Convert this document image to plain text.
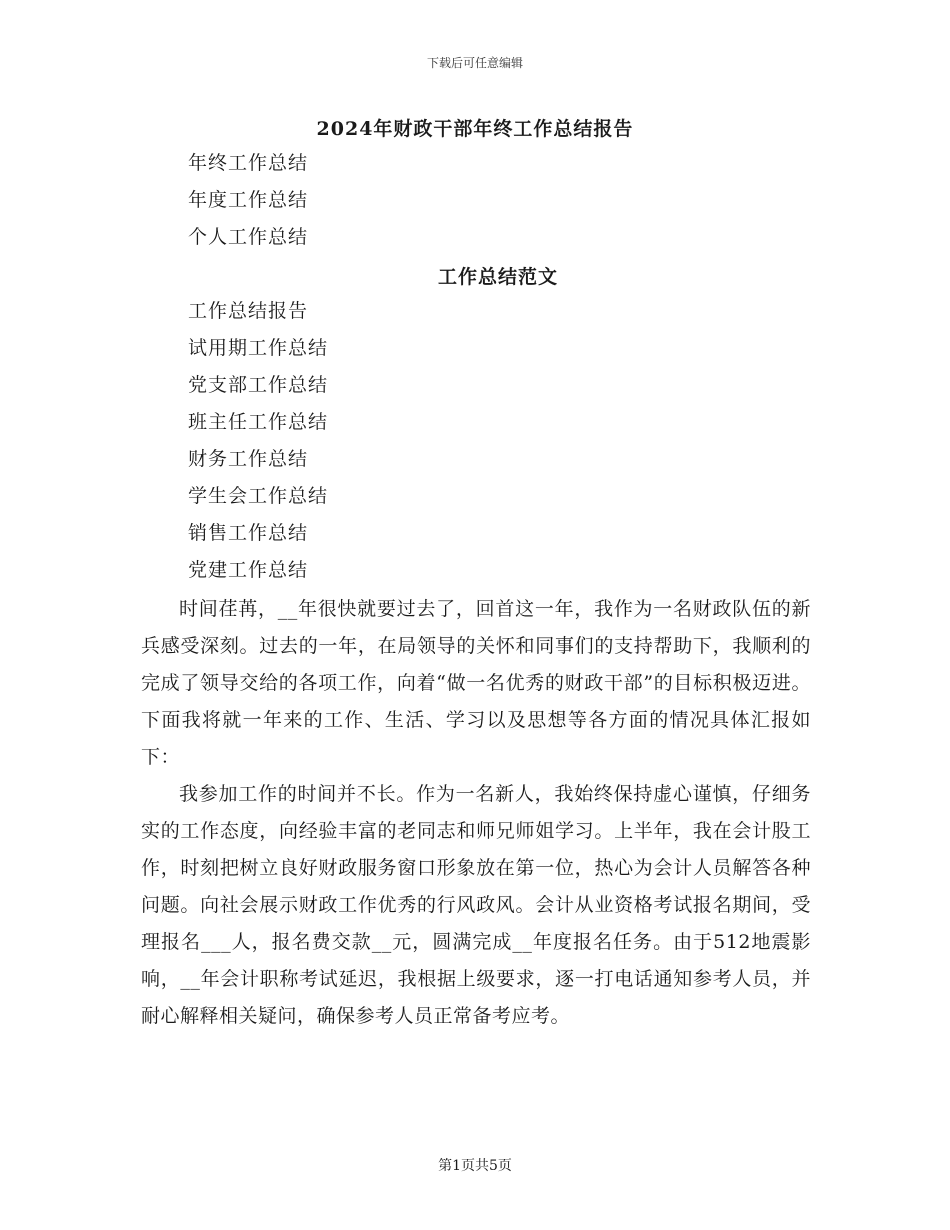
下载后可任意编辑
2024年财政干部年终工作总结报告
年终工作总结
年度工作总结
个人工作总结
工作总结范文
工作总结报告
试用期工作总结
党支部工作总结
班主任工作总结
财务工作总结
学生会工作总结
销售工作总结
党建工作总结

时间荏苒，__年很快就要过去了，回首这一年，我作为一名财政队伍的新兵感受深刻。过去的一年，在局领导的关怀和同事们的支持帮助下，我顺利的完成了领导交给的各项工作，向着“做一名优秀的财政干部”的目标积极迈进。下面我将就一年来的工作、生活、学习以及思想等各方面的情况具体汇报如下：

我参加工作的时间并不长。作为一名新人，我始终保持虚心谨慎，仔细务实的工作态度，向经验丰富的老同志和师兄师姐学习。上半年，我在会计股工作，时刻把树立良好财政服务窗口形象放在第一位，热心为会计人员解答各种问题。向社会展示财政工作优秀的行风政风。会计从业资格考试报名期间，受理报名___人，报名费交款__元，圆满完成__年度报名任务。由于512地震影响，__年会计职称考试延迟，我根据上级要求，逐一打电话通知参考人员，并耐心解释相关疑问，确保参考人员正常备考应考。

第1页共5页
